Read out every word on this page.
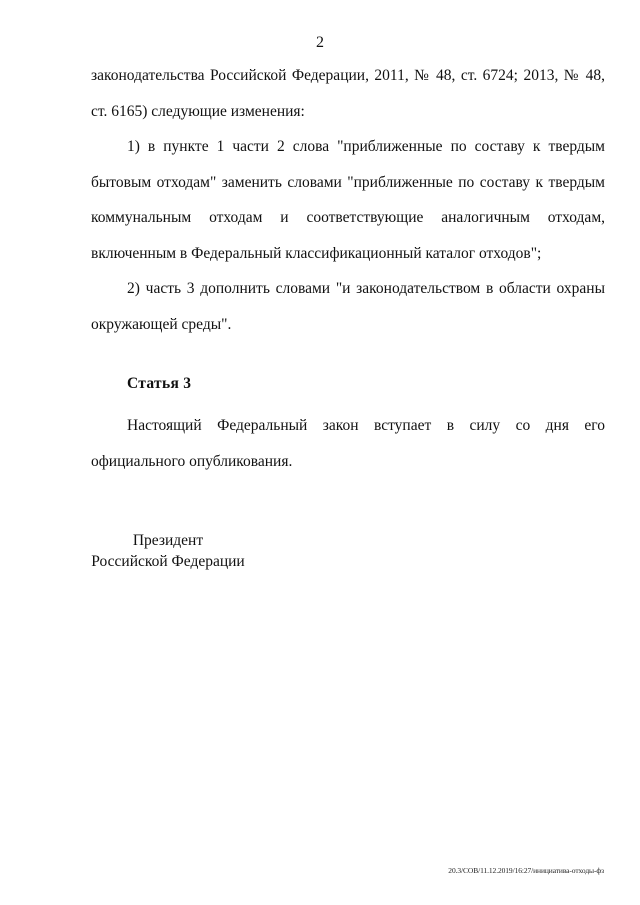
2

законодательства Российской Федерации, 2011, № 48, ст. 6724; 2013, № 48, ст. 6165) следующие изменения:

1) в пункте 1 части 2 слова "приближенные по составу к твердым бытовым отходам" заменить словами "приближенные по составу к твердым коммунальным отходам и соответствующие аналогичным отходам, включенным в Федеральный классификационный каталог отходов";

2) часть 3 дополнить словами "и законодательством в области охраны окружающей среды".

Статья 3

Настоящий Федеральный закон вступает в силу со дня его официального опубликования.

Президент
Российской Федерации
20.3/СОВ/11.12.2019/16:27/инициатива-отходы-фз
